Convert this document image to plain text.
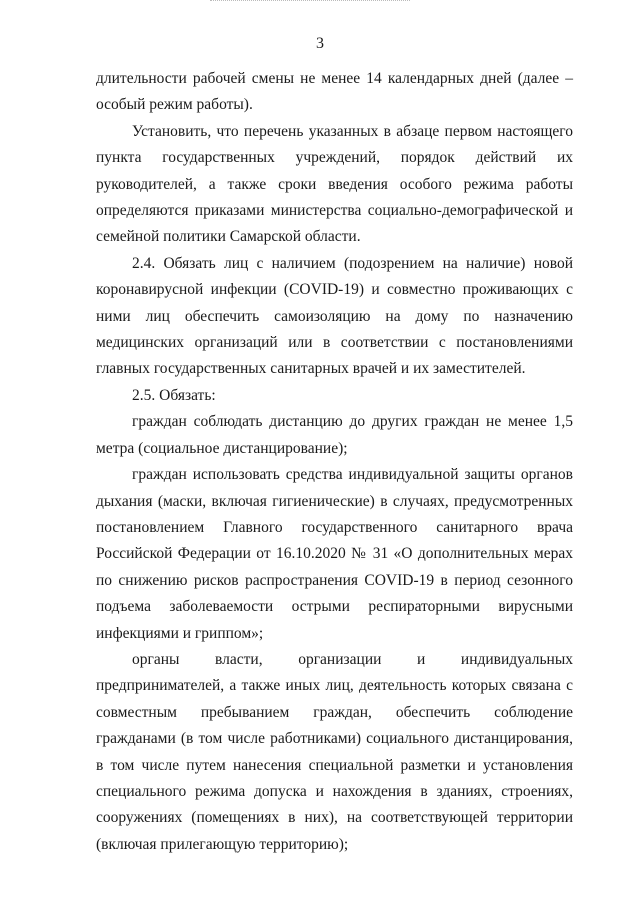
3

длительности рабочей смены не менее 14 календарных дней (далее – особый режим работы).

Установить, что перечень указанных в абзаце первом настоящего пункта государственных учреждений, порядок действий их руководителей, а также сроки введения особого режима работы определяются приказами министерства социально-демографической и семейной политики Самарской области.

2.4. Обязать лиц с наличием (подозрением на наличие) новой коронавирусной инфекции (COVID-19) и совместно проживающих с ними лиц обеспечить самоизоляцию на дому по назначению медицинских организаций или в соответствии с постановлениями главных государственных санитарных врачей и их заместителей.

2.5. Обязать:

граждан соблюдать дистанцию до других граждан не менее 1,5 метра (социальное дистанцирование);

граждан использовать средства индивидуальной защиты органов дыхания (маски, включая гигиенические) в случаях, предусмотренных постановлением Главного государственного санитарного врача Российской Федерации от 16.10.2020 № 31 «О дополнительных мерах по снижению рисков распространения COVID-19 в период сезонного подъема заболеваемости острыми респираторными вирусными инфекциями и гриппом»;

органы власти, организации и индивидуальных предпринимателей, а также иных лиц, деятельность которых связана с совместным пребыванием граждан, обеспечить соблюдение гражданами (в том числе работниками) социального дистанцирования, в том числе путем нанесения специальной разметки и установления специального режима допуска и нахождения в зданиях, строениях, сооружениях (помещениях в них), на соответствующей территории (включая прилегающую территорию);
